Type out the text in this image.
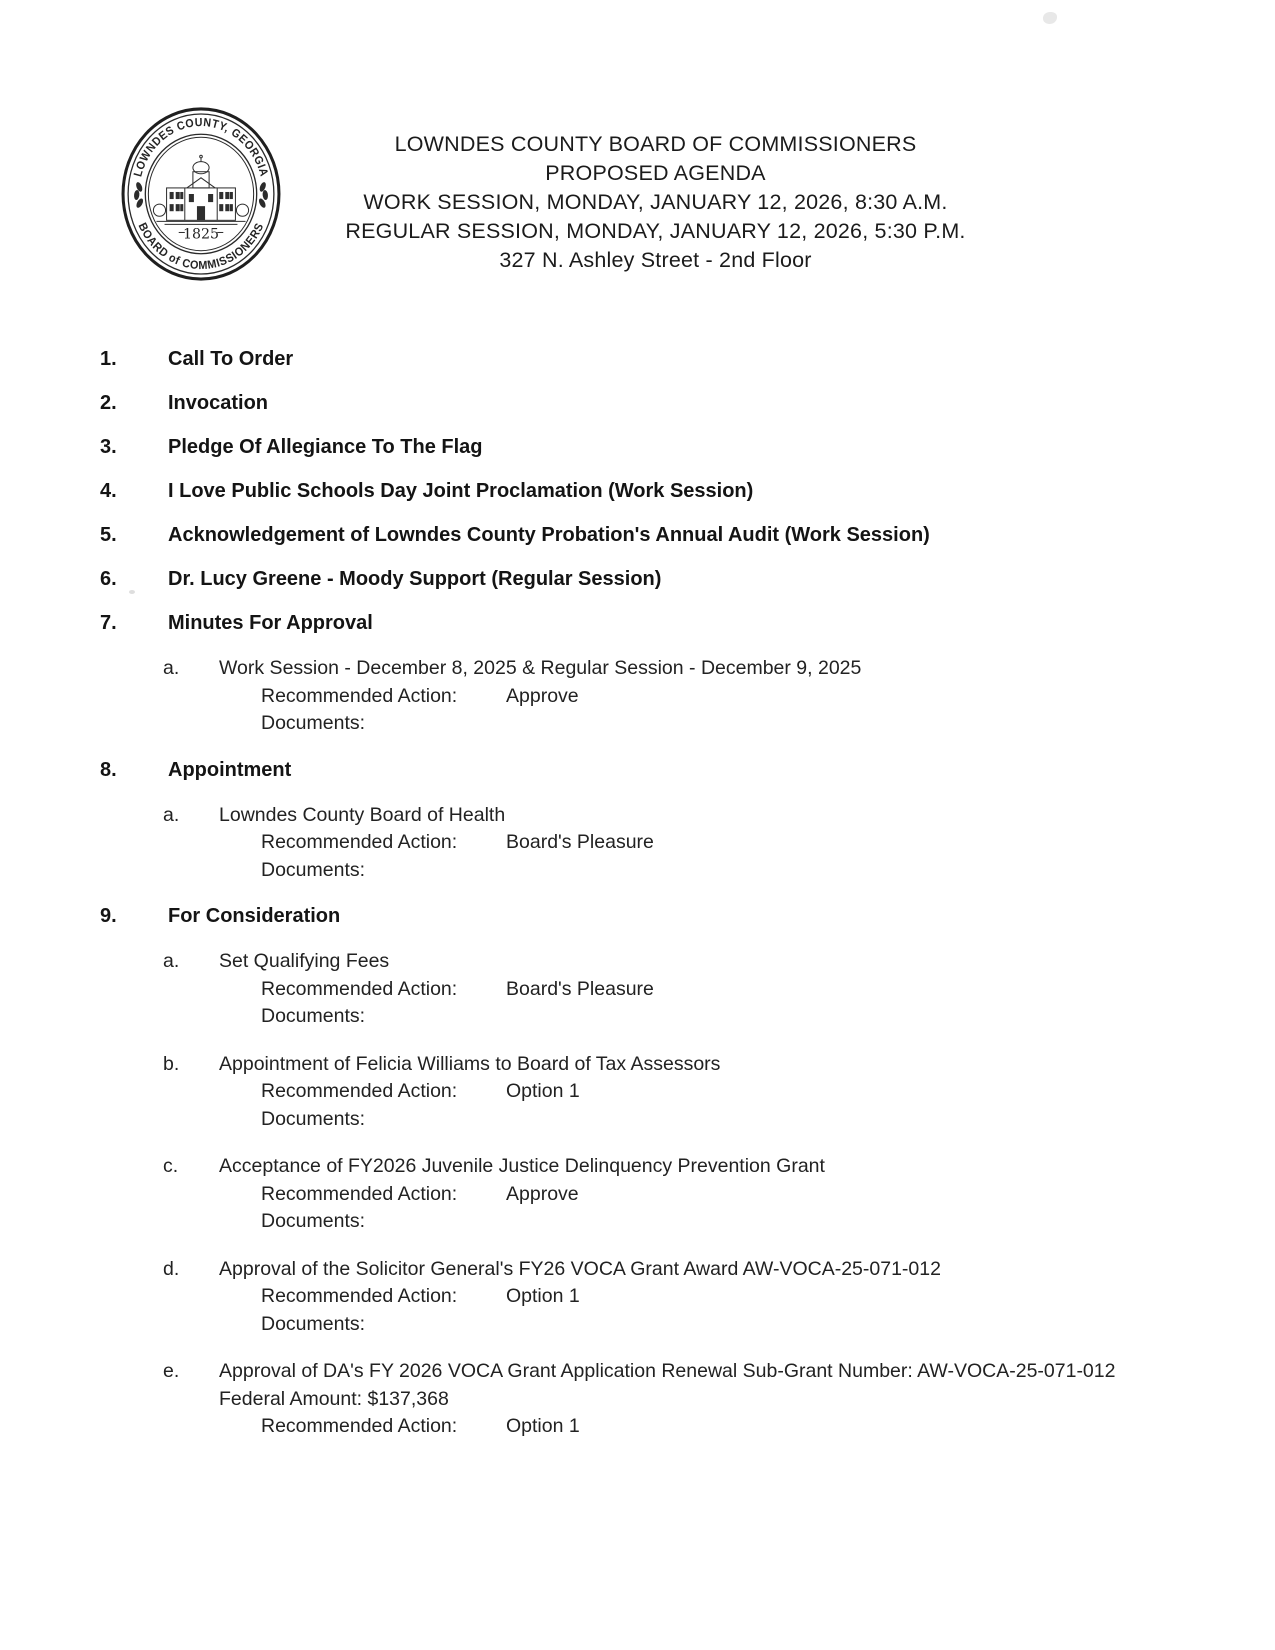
LOWNDES COUNTY, GEORGIA
BOARD of COMMISSIONERS
1825
LOWNDES COUNTY BOARD OF COMMISSIONERS
PROPOSED AGENDA
WORK SESSION, MONDAY, JANUARY 12, 2026, 8:30 A.M.
REGULAR SESSION, MONDAY, JANUARY 12, 2026, 5:30 P.M.
327 N. Ashley Street - 2nd Floor
1.	Call To Order
2.	Invocation
3.	Pledge Of Allegiance To The Flag
4.	I Love Public Schools Day Joint Proclamation (Work Session)
5.	Acknowledgement of Lowndes County Probation's Annual Audit (Work Session)
6.	Dr. Lucy Greene - Moody Support (Regular Session)
7.	Minutes For Approval
a.	Work Session - December 8, 2025 & Regular Session - December 9, 2025
Recommended Action:	Approve
Documents:
8.	Appointment
a.	Lowndes County Board of Health
Recommended Action:	Board's Pleasure
Documents:
9.	For Consideration
a.	Set Qualifying Fees
Recommended Action:	Board's Pleasure
Documents:
b.	Appointment of Felicia Williams to Board of Tax Assessors
Recommended Action:	Option 1
Documents:
c.	Acceptance of FY2026 Juvenile Justice Delinquency Prevention Grant
Recommended Action:	Approve
Documents:
d.	Approval of the Solicitor General's FY26 VOCA Grant Award AW-VOCA-25-071-012
Recommended Action:	Option 1
Documents:
e.	Approval of DA's FY 2026 VOCA Grant Application Renewal Sub-Grant Number: AW-VOCA-25-071-012 Federal Amount: $137,368
Recommended Action:	Option 1
